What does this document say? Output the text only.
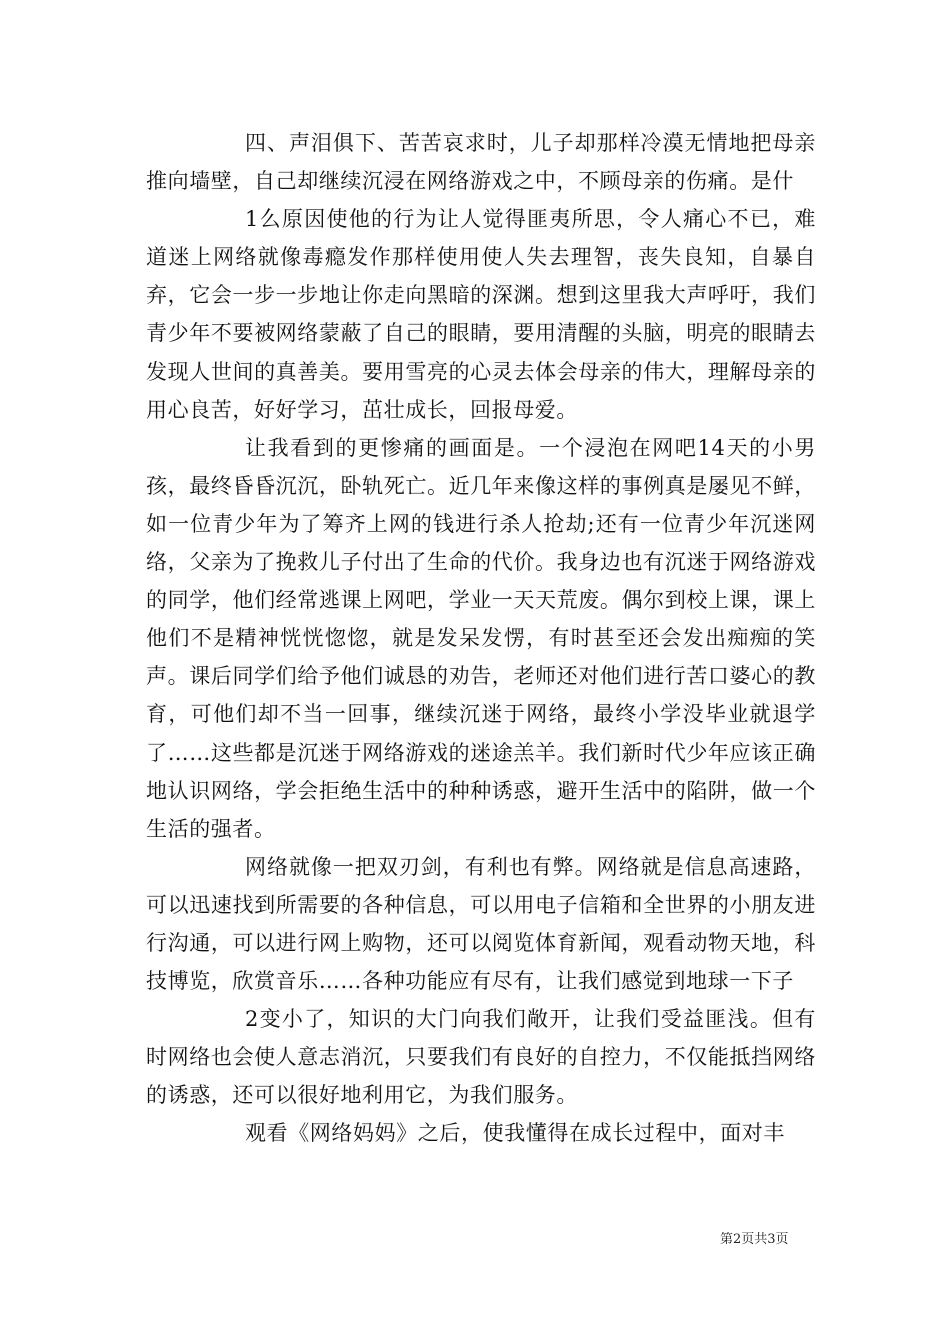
四、声泪俱下、苦苦哀求时，儿子却那样冷漠无情地把母亲推向墙壁，自己却继续沉浸在网络游戏之中，不顾母亲的伤痛。是什

1么原因使他的行为让人觉得匪夷所思，令人痛心不已，难道迷上网络就像毒瘾发作那样使用使人失去理智，丧失良知，自暴自弃，它会一步一步地让你走向黑暗的深渊。想到这里我大声呼吁，我们青少年不要被网络蒙蔽了自己的眼睛，要用清醒的头脑，明亮的眼睛去发现人世间的真善美。要用雪亮的心灵去体会母亲的伟大，理解母亲的用心良苦，好好学习，茁壮成长，回报母爱。

让我看到的更惨痛的画面是。一个浸泡在网吧14天的小男孩，最终昏昏沉沉，卧轨死亡。近几年来像这样的事例真是屡见不鲜，如一位青少年为了筹齐上网的钱进行杀人抢劫;还有一位青少年沉迷网络，父亲为了挽救儿子付出了生命的代价。我身边也有沉迷于网络游戏的同学，他们经常逃课上网吧，学业一天天荒废。偶尔到校上课，课上他们不是精神恍恍惚惚，就是发呆发愣，有时甚至还会发出痴痴的笑声。课后同学们给予他们诚恳的劝告，老师还对他们进行苦口婆心的教育，可他们却不当一回事，继续沉迷于网络，最终小学没毕业就退学了……这些都是沉迷于网络游戏的迷途羔羊。我们新时代少年应该正确地认识网络，学会拒绝生活中的种种诱惑，避开生活中的陷阱，做一个生活的强者。

网络就像一把双刃剑，有利也有弊。网络就是信息高速路，可以迅速找到所需要的各种信息，可以用电子信箱和全世界的小朋友进行沟通，可以进行网上购物，还可以阅览体育新闻，观看动物天地，科技博览，欣赏音乐……各种功能应有尽有，让我们感觉到地球一下子

2变小了，知识的大门向我们敞开，让我们受益匪浅。但有时网络也会使人意志消沉，只要我们有良好的自控力，不仅能抵挡网络的诱惑，还可以很好地利用它，为我们服务。

观看《网络妈妈》之后，使我懂得在成长过程中，面对丰

第2页共3页
